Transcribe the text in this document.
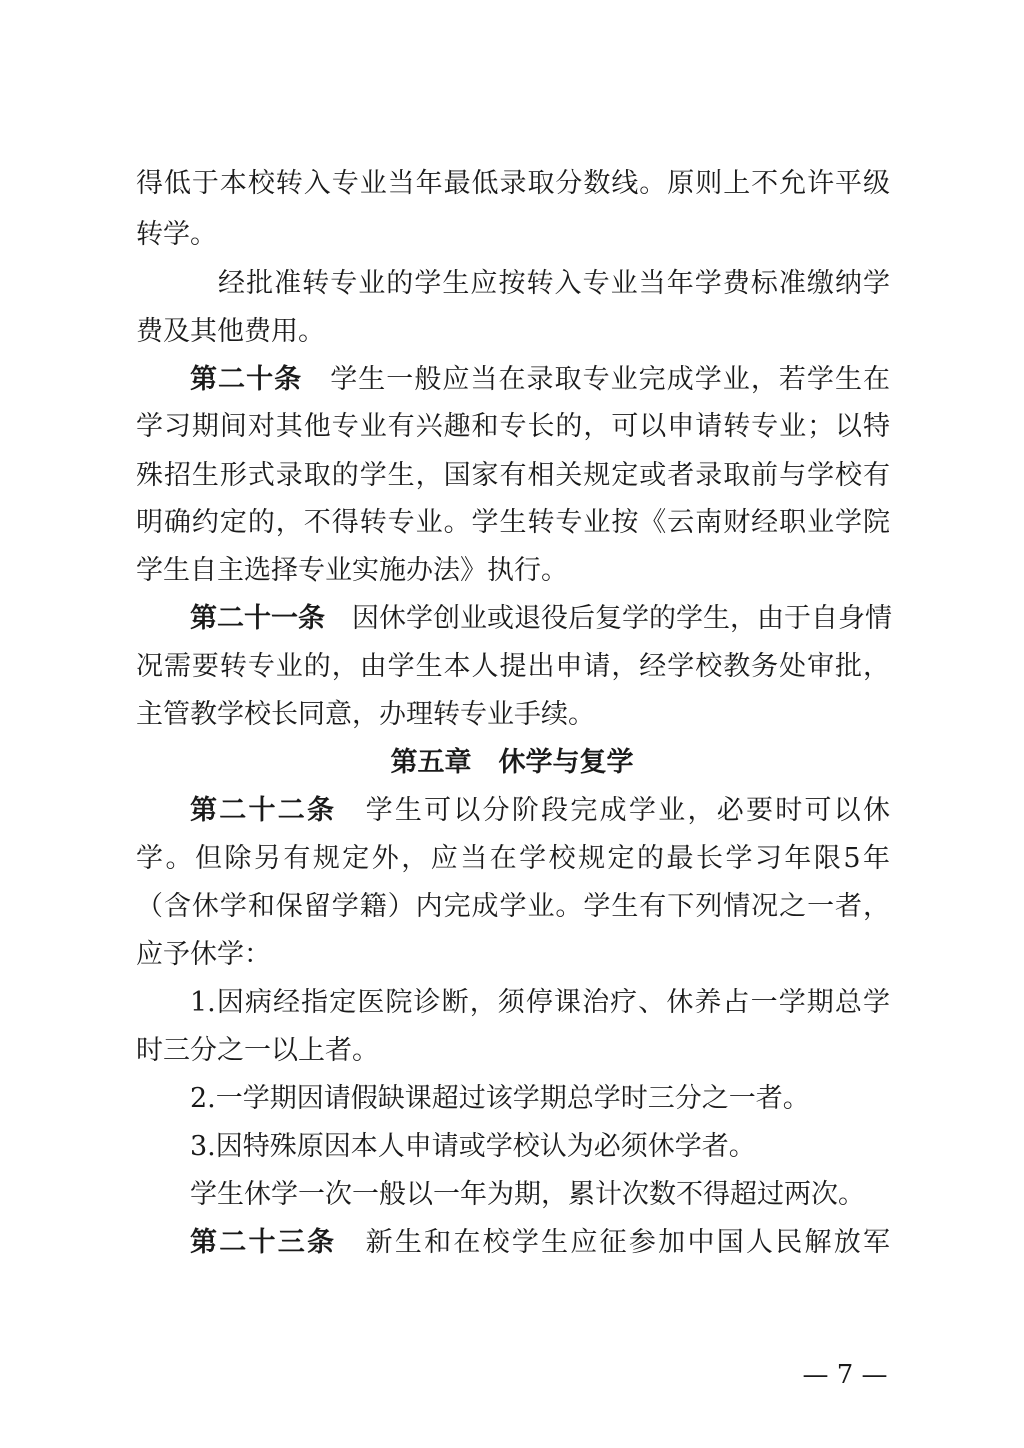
得低于本校转入专业当年最低录取分数线。原则上不允许平级
转学。
　经批准转专业的学生应按转入专业当年学费标准缴纳学
费及其他费用。
第二十条　 学生一般应当在录取专业完成学业，若学生在
学习期间对其他专业有兴趣和专长的，可以申请转专业；以特
殊招生形式录取的学生，国家有相关规定或者录取前与学校有
明确约定的，不得转专业。学生转专业按《云南财经职业学院
学生自主选择专业实施办法》执行。
第二十一条　 因休学创业或退役后复学的学生，由于自身情
况需要转专业的，由学生本人提出申请，经学校教务处审批，
主管教学校长同意，办理转专业手续。
第五章　休学与复学
第二十二条　 学生可以分阶段完成学业，必要时可以休
学。但除另有规定外，应当在学校规定的最长学习年限5年
（含休学和保留学籍）内完成学业。学生有下列情况之一者，
应予休学：
1.因病经指定医院诊断，须停课治疗、休养占一学期总学
时三分之一以上者。
2.一学期因请假缺课超过该学期总学时三分之一者。
3.因特殊原因本人申请或学校认为必须休学者。
学生休学一次一般以一年为期，累计次数不得超过两次。
第二十三条　 新生和在校学生应征参加中国人民解放军
— 7 —
